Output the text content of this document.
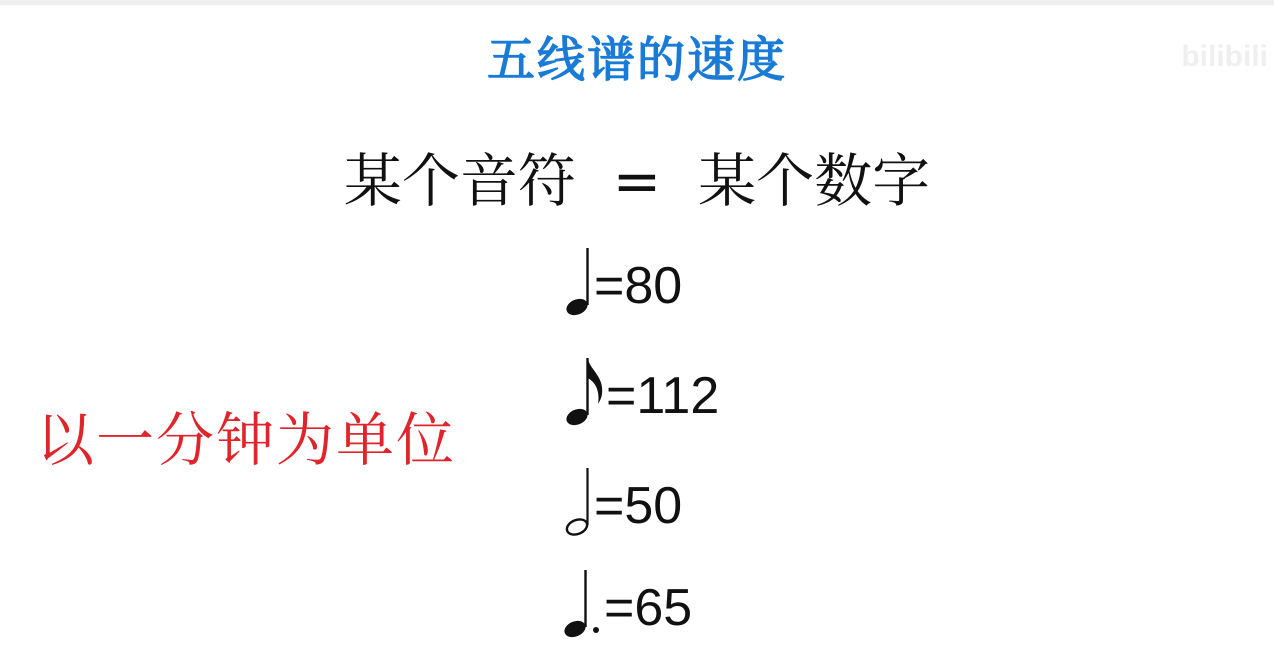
bilibili
五线谱的速度
某个音符  =  某个数字
以一分钟为单位
=80
=112
=50
=65
